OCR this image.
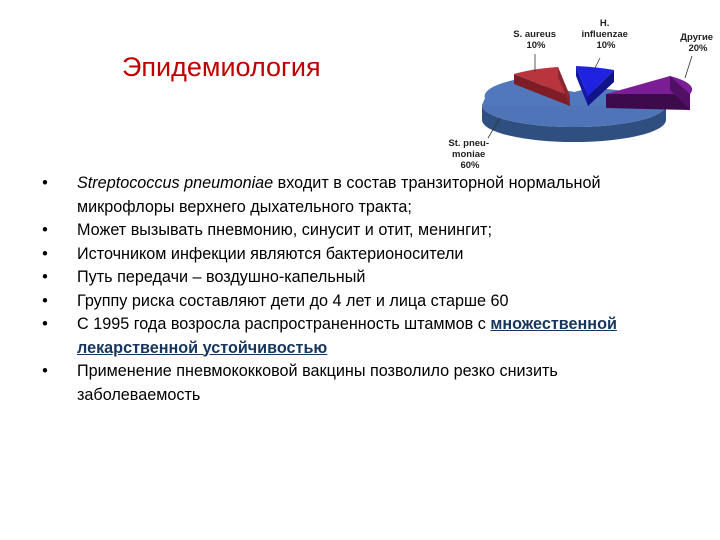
Эпидемиология
S. aureus 10%
H. influenzae 10%
Другие 20%
St. pneu- moniae 60%
• Streptococcus pneumoniae входит в состав транзиторной нормальной микрофлоры верхнего дыхательного тракта;
• Может вызывать пневмонию, синусит и отит, менингит;
• Источником инфекции являются бактерионосители
• Путь передачи – воздушно-капельный
• Группу риска составляют дети до 4 лет и лица старше 60
• С 1995 года возросла распространенность штаммов с множественной лекарственной устойчивостью
• Применение пневмококковой вакцины позволило резко снизить заболеваемость
